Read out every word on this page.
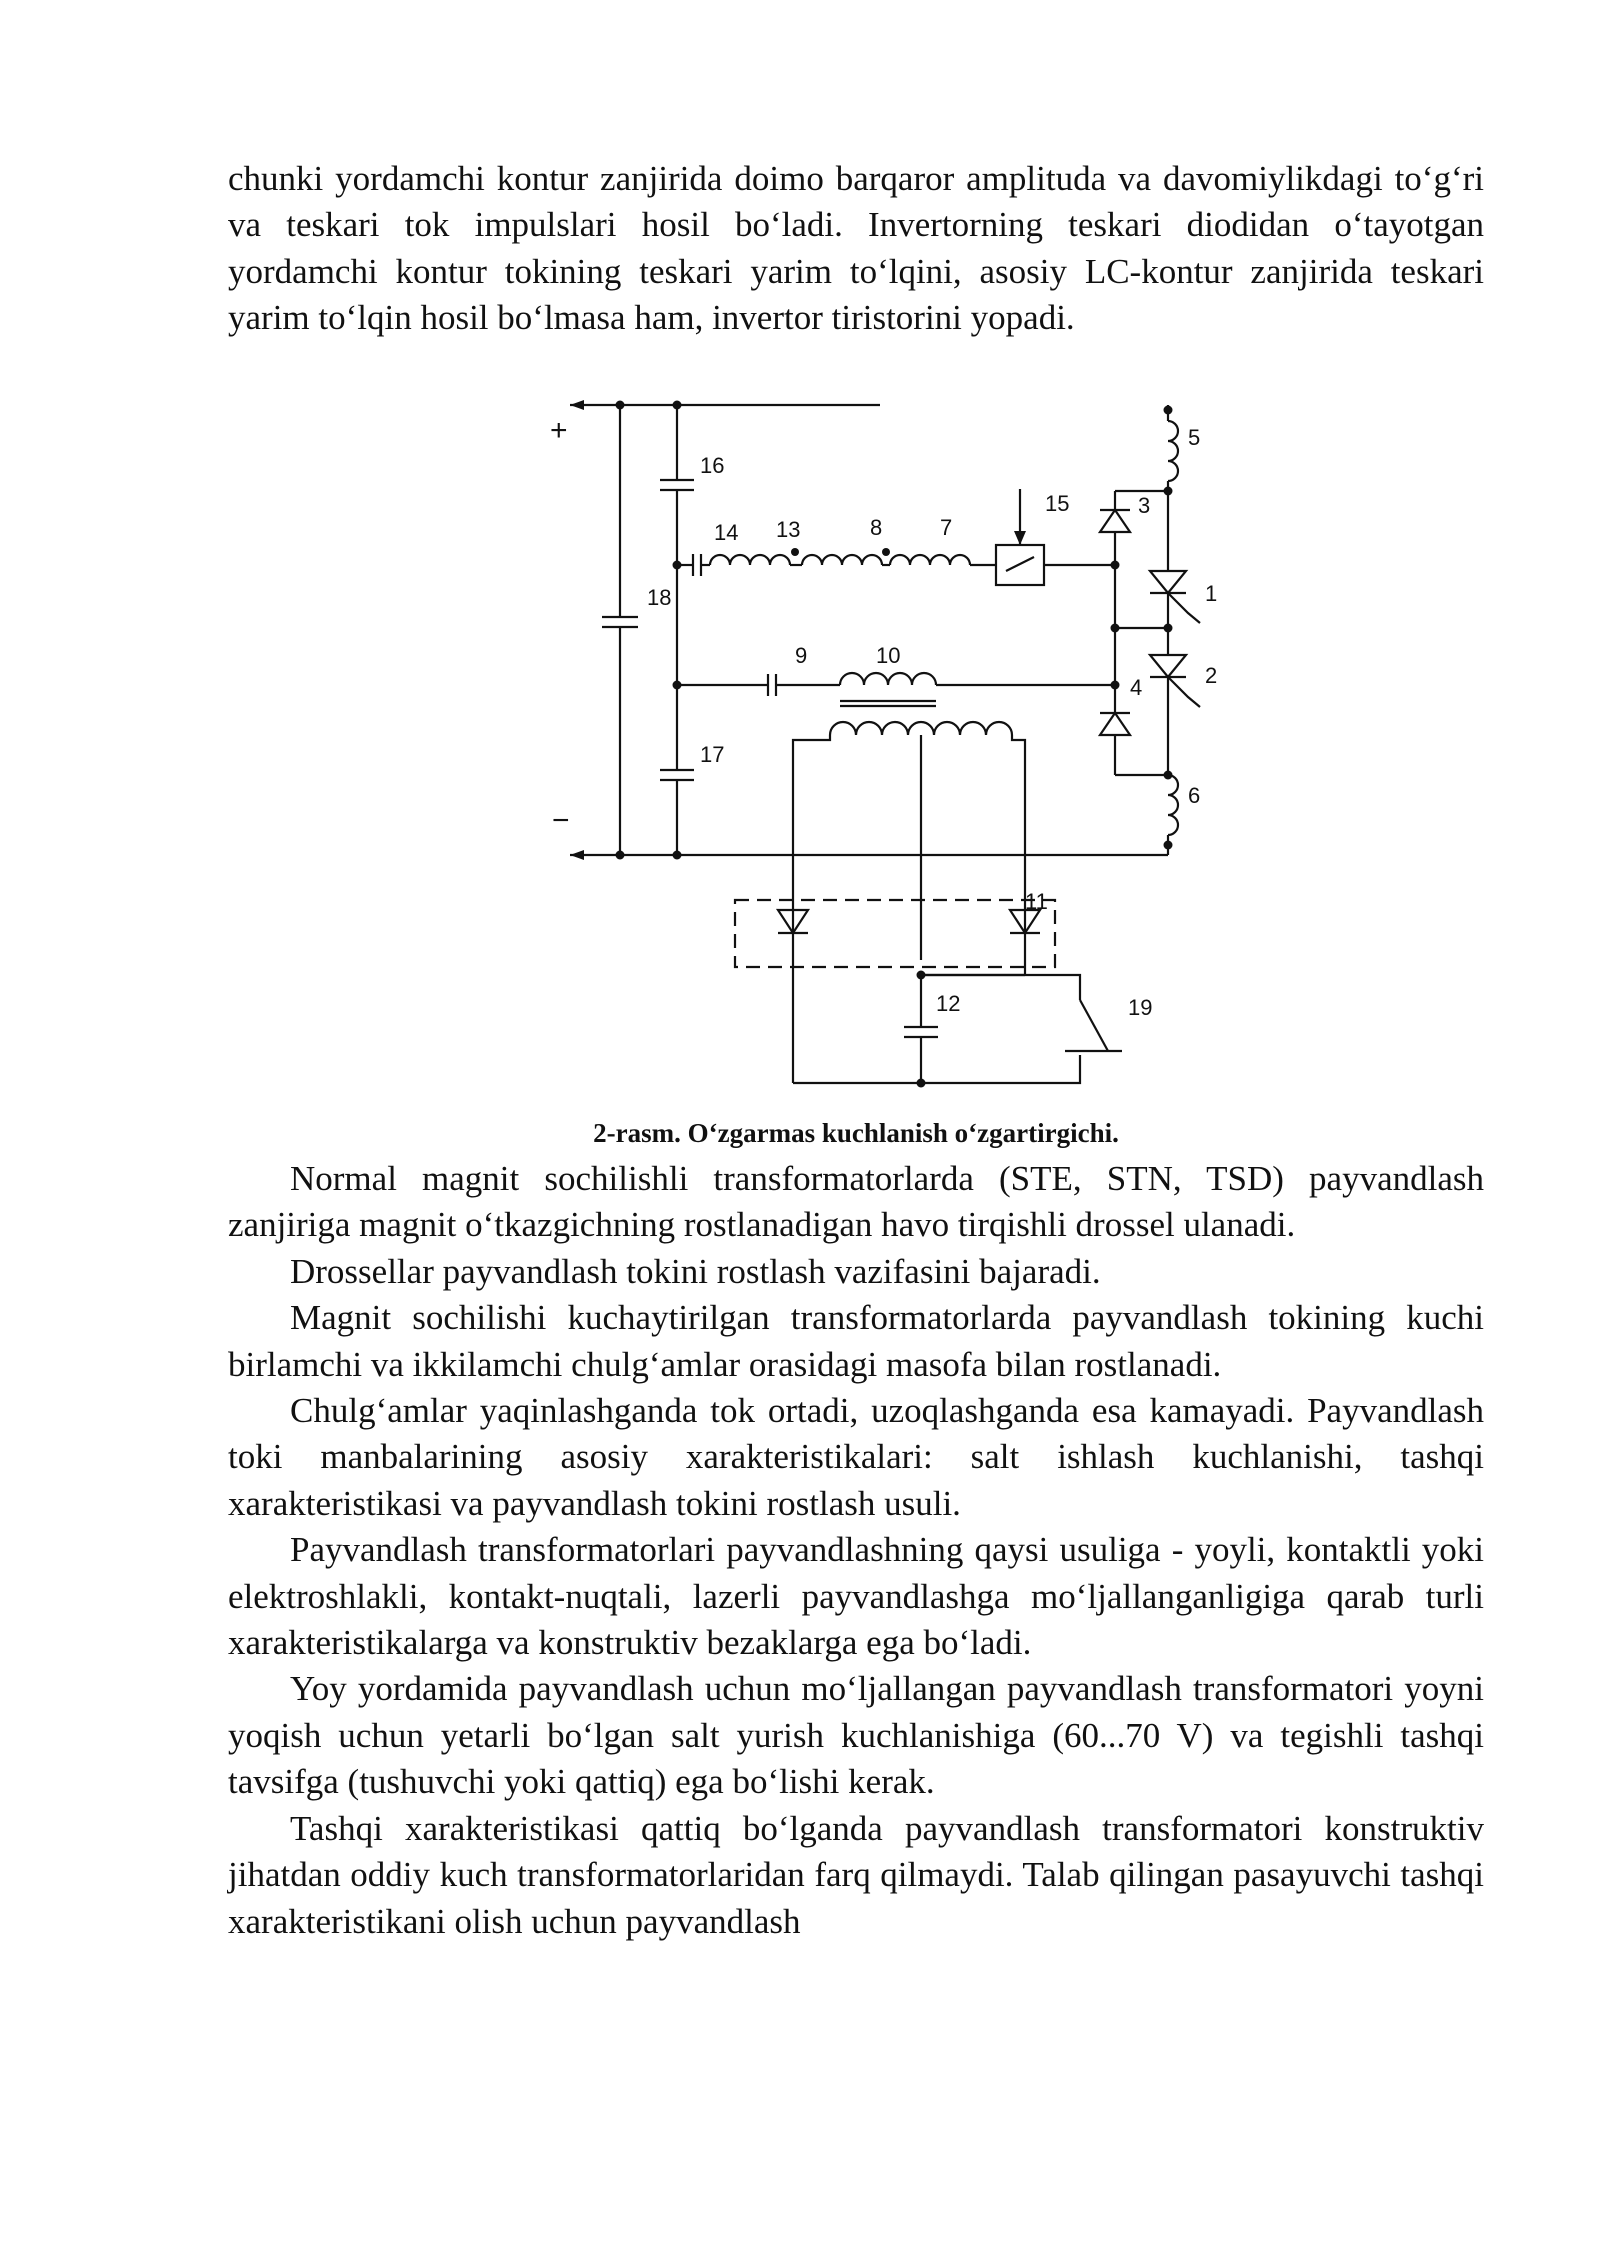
chunki yordamchi kontur zanjirida doimo barqaror amplituda va davomiylikdagi to‘g‘ri va teskari tok impulslari hosil bo‘ladi. Invertorning teskari diodidan o‘tayotgan yordamchi kontur tokining teskari yarim to‘lqini, asosiy LC-kontur zanjirida teskari yarim to‘lqin hosil bo‘lmasa ham, invertor tiristorini yopadi.

+
−
1
2
3
4
5
6
7
8
9	10
11
12
13
14
15
16
17
18
19

2-rasm. O‘zgarmas kuchlanish o‘zgartirgichi.

Normal magnit sochilishli transformatorlarda (STE, STN, TSD) payvandlash zanjiriga magnit o‘tkazgichning rostlanadigan havo tirqishli drossel ulanadi.

Drossellar payvandlash tokini rostlash vazifasini bajaradi.

Magnit sochilishi kuchaytirilgan transformatorlarda payvandlash tokining kuchi birlamchi va ikkilamchi chulg‘amlar orasidagi masofa bilan rostlanadi.

Chulg‘amlar yaqinlashganda tok ortadi, uzoqlashganda esa kamayadi. Payvandlash toki manbalarining asosiy xarakteristikalari: salt ishlash kuchlanishi, tashqi xarakteristikasi va payvandlash tokini rostlash usuli.

Payvandlash transformatorlari payvandlashning qaysi usuliga - yoyli, kontaktli yoki elektroshlakli, kontakt-nuqtali, lazerli payvandlashga mo‘ljallanganligiga qarab turli xarakteristikalarga va konstruktiv bezaklarga ega bo‘ladi.

Yoy yordamida payvandlash uchun mo‘ljallangan payvandlash transformatori yoyni yoqish uchun yetarli bo‘lgan salt yurish kuchlanishiga (60...70 V) va tegishli tashqi tavsifga (tushuvchi yoki qattiq) ega bo‘lishi kerak.

Tashqi xarakteristikasi qattiq bo‘lganda payvandlash transformatori konstruktiv jihatdan oddiy kuch transformatorlaridan farq qilmaydi. Talab qilingan pasayuvchi tashqi xarakteristikani olish uchun payvandlash
